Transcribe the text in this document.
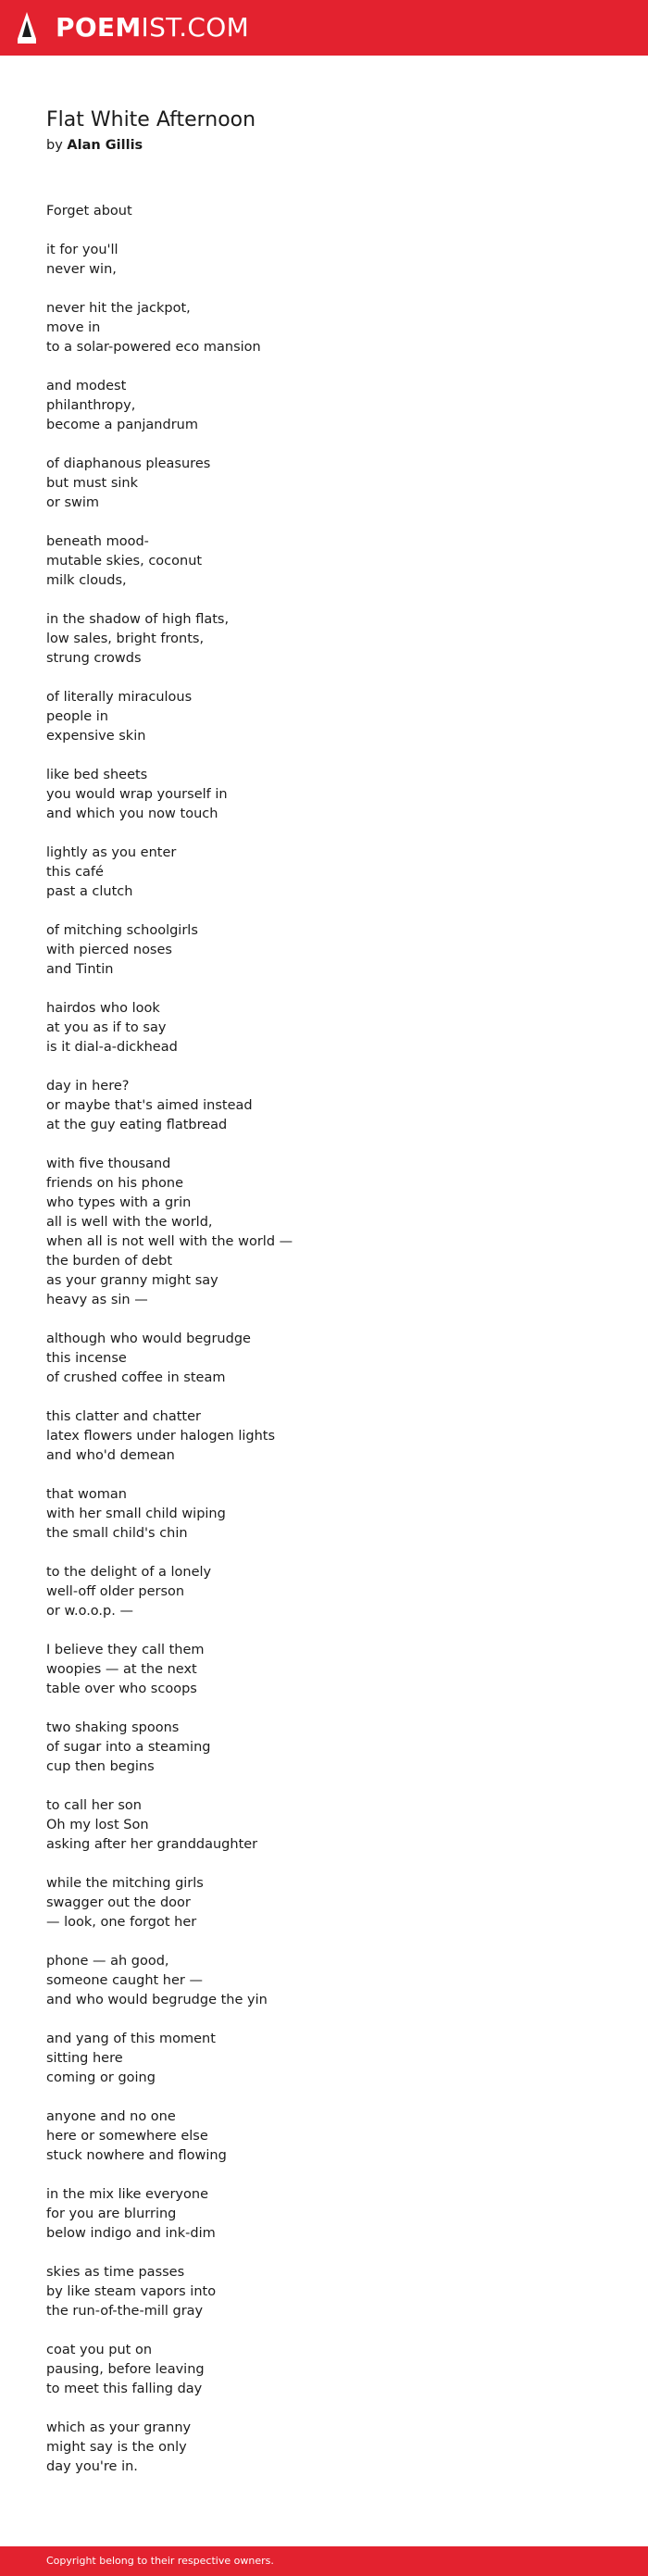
POEMIST.COM
Flat White Afternoon
by Alan Gillis
Forget about
it for you'll
never win,
never hit the jackpot,
move in
to a solar-powered eco mansion
and modest
philanthropy,
become a panjandrum
of diaphanous pleasures
but must sink
or swim
beneath mood-
mutable skies, coconut
milk clouds,
in the shadow of high flats,
low sales, bright fronts,
strung crowds
of literally miraculous
people in
expensive skin
like bed sheets
you would wrap yourself in
and which you now touch
lightly as you enter
this café
past a clutch
of mitching schoolgirls
with pierced noses
and Tintin
hairdos who look
at you as if to say
is it dial-a-dickhead
day in here?
or maybe that's aimed instead
at the guy eating flatbread
with five thousand
friends on his phone
who types with a grin
all is well with the world,
when all is not well with the world —
the burden of debt
as your granny might say
heavy as sin —
although who would begrudge
this incense
of crushed coffee in steam
this clatter and chatter
latex flowers under halogen lights
and who'd demean
that woman
with her small child wiping
the small child's chin
to the delight of a lonely
well-off older person
or w.o.o.p. —
I believe they call them
woopies — at the next
table over who scoops
two shaking spoons
of sugar into a steaming
cup then begins
to call her son
Oh my lost Son
asking after her granddaughter
while the mitching girls
swagger out the door
— look, one forgot her
phone — ah good,
someone caught her —
and who would begrudge the yin
and yang of this moment
sitting here
coming or going
anyone and no one
here or somewhere else
stuck nowhere and flowing
in the mix like everyone
for you are blurring
below indigo and ink-dim
skies as time passes
by like steam vapors into
the run-of-the-mill gray
coat you put on
pausing, before leaving
to meet this falling day
which as your granny
might say is the only
day you're in.
Copyright belong to their respective owners.
